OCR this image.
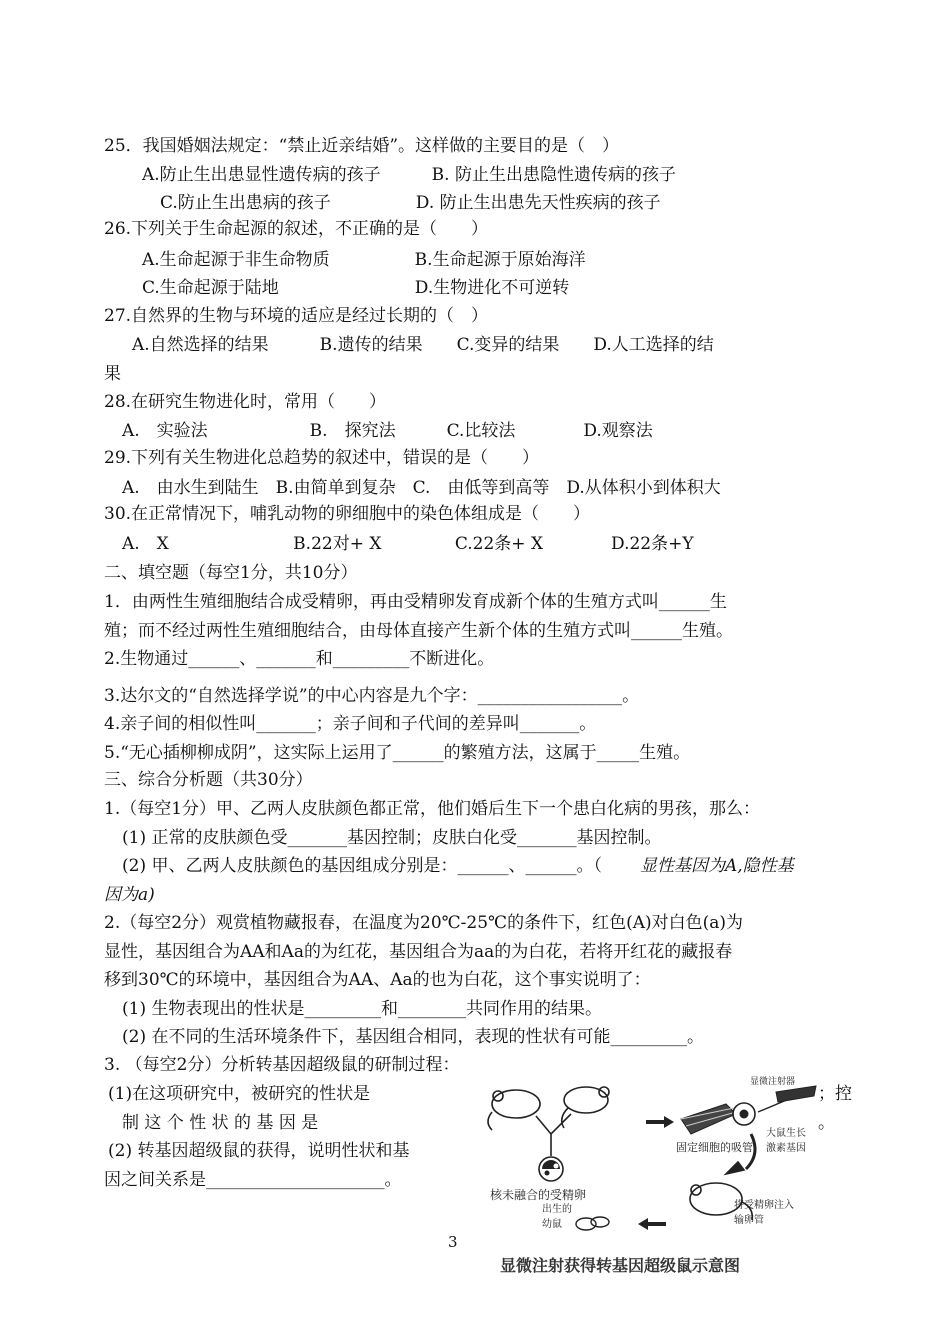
25．我国婚姻法规定：“禁止近亲结婚”。这样做的主要目的是（　）
A.防止生出患显性遗传病的孩子　　　B. 防止生出患隐性遗传病的孩子
C.防止生出患病的孩子　　　　　D. 防止生出患先天性疾病的孩子
26.下列关于生命起源的叙述，不正确的是（　　）
A.生命起源于非生命物质　　　　　B.生命起源于原始海洋
C.生命起源于陆地　　　　　　　　D.生物进化不可逆转
27.自然界的生物与环境的适应是经过长期的（　）
A.自然选择的结果　　　B.遗传的结果　　C.变异的结果　　D.人工选择的结
果
28.在研究生物进化时，常用（　　）
A.　实验法　　　　　　B.　探究法　　　C.比较法　　　　D.观察法
29.下列有关生物进化总趋势的叙述中，错误的是（　　）
A.　由水生到陆生　B.由简单到复杂　C.　由低等到高等　D.从体积小到体积大
30.在正常情况下，哺乳动物的卵细胞中的染色体组成是（　　）
A.　X　　　　　　　 B.22对+ X　　　　 C.22条+ X　　　　D.22条+Y
二、填空题（每空1分，共10分）
1．由两性生殖细胞结合成受精卵，再由受精卵发育成新个体的生殖方式叫______生
殖；而不经过两性生殖细胞结合，由母体直接产生新个体的生殖方式叫______生殖。
2.生物通过______、_______和_________不断进化。
3.达尔文的“自然选择学说”的中心内容是九个字：_________________。
4.亲子间的相似性叫_______；亲子间和子代间的差异叫_______。
5.“无心插柳柳成阴”，这实际上运用了______的繁殖方法，这属于_____生殖。
三、综合分析题（共30分）
1.（每空1分）甲、乙两人皮肤颜色都正常，他们婚后生下一个患白化病的男孩，那么：
(1) 正常的皮肤颜色受_______基因控制；皮肤白化受_______基因控制。
(2) 甲、乙两人皮肤颜色的基因组成分别是：______、______。（
2.（每空2分）观赏植物藏报春，在温度为20℃-25℃的条件下，红色(A)对白色(a)为
显性，基因组合为AA和Aa的为红花，基因组合为aa的为白花，若将开红花的藏报春
移到30℃的环境中，基因组合为AA、Aa的也为白花，这个事实说明了：
(1) 生物表现出的性状是_________和________共同作用的结果。
(2) 在不同的生活环境条件下，基因组合相同，表现的性状有可能_________。
3. （每空2分）分析转基因超级鼠的研制过程：
(1)在这项研究中，被研究的性状是
制 这 个 性 状 的 基 因 是
(2) 转基因超级鼠的获得，说明性状和基
因之间关系是_____________________。
；控
。
显性基因为A,隐性基
因为a)
核未融合的受精卵
显微注射器
固定细胞的吸管
大鼠生长
激素基因
将受精卵注入
输卵管
出生的
幼鼠
显微注射获得转基因超级鼠示意图
3
